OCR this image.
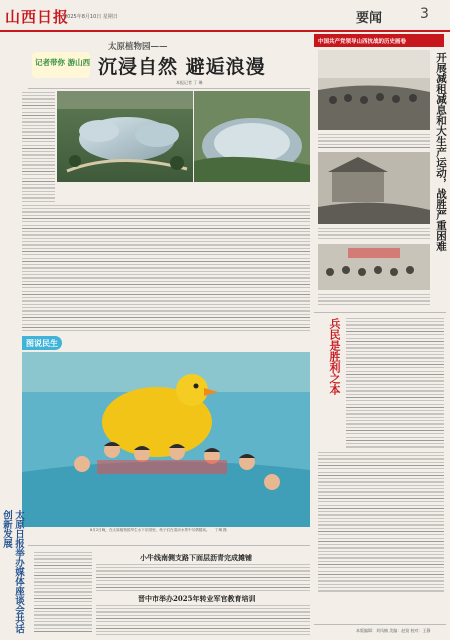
山西日报
2025年8月10日 星期日	要闻	3
记者带你 游山西
太原植物园——
沉浸自然 避逅浪漫
本报记者 丁 琳
图说民生
8月2日晚，在太原植物园旱生水下乐园里，孩子们在清凉水景中尽情嬉戏。 丁琳 摄
太原日报举办媒体座谈会共话创新发展
小牛线南侧支路下面层沥青完成摊铺
晋中市举办2025年转业军官教育培训
中国共产党领导山西抗战的历史画卷
开展减租减息和大生产运动，战胜严重困难
兵民是胜利之本
本版编辑：刘凤楠 美编：赵贤 校对：王静
